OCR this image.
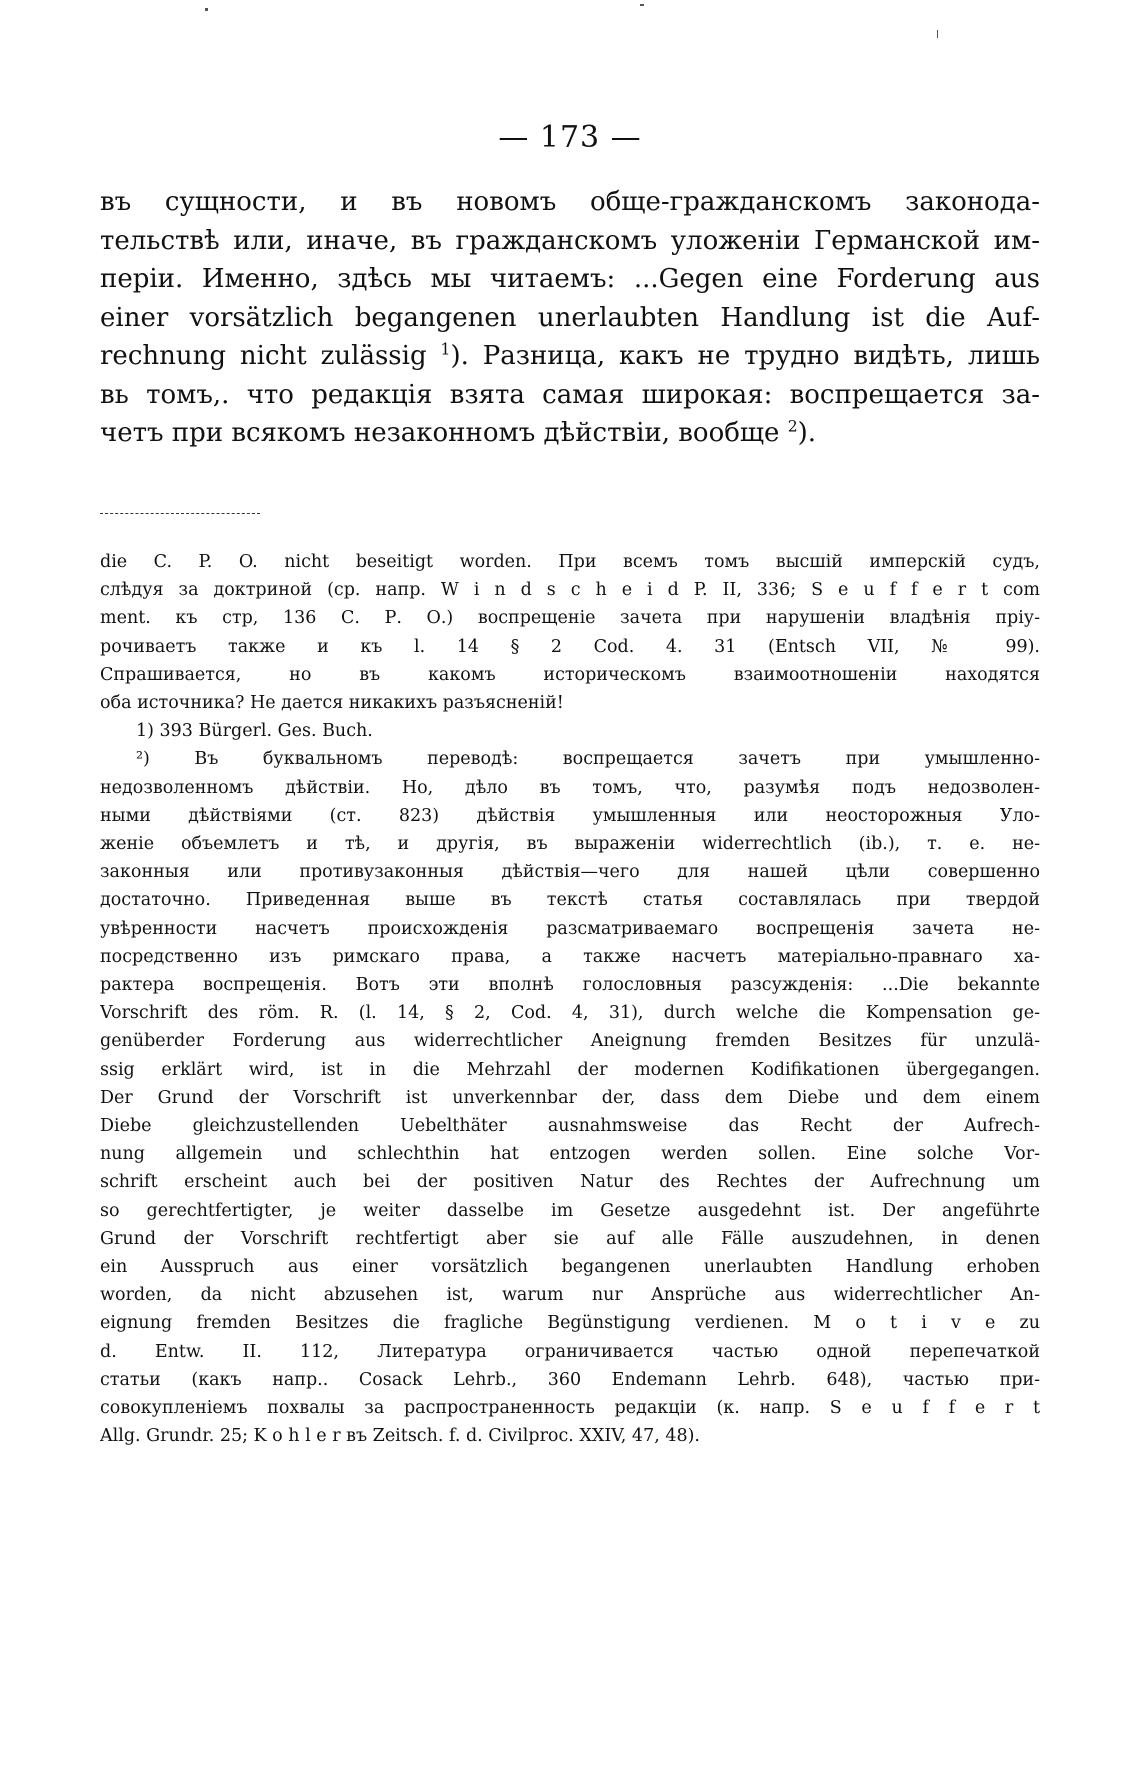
— 173 —
въ сущности, и въ новомъ обще-гражданскомъ законода-
тельствѣ или, иначе, въ гражданскомъ уложеніи Германской им-
періи. Именно, здѣсь мы читаемъ: ...Gegen eine Forderung aus
einer vorsätzlich begangenen unerlaubten Handlung ist die Auf-
rechnung nicht zulässig $^1$). Разница, какъ не трудно видѣть, лишь
вь томъ,. что редакція взята самая широкая: воспрещается за-
четъ при всякомъ незаконномъ дѣйствіи, вообще $^2$).
die C. P. O. nicht beseitigt worden. При всемъ томъ высшій имперскій судъ,
слѣдуя за доктриной (ср. напр. W i n d s c h e i d P. II, 336; S e u f f e r t com
ment. къ стр, 136 С. Р. О.) воспрещеніе зачета при нарушеніи владѣнія пріу-
рочиваетъ также и къ l. 14 § 2 Cod. 4. 31 (Entsch VII, № 99).
Спрашивается, но въ какомъ историческомъ взаимоотношеніи находятся
оба источника? Не дается никакихъ разъясненій!
1) 393 Bürgerl. Ges. Buch.
²) Въ буквальномъ переводѣ: воспрещается зачетъ при умышленно-
недозволенномъ дѣйствіи. Но, дѣло въ томъ, что, разумѣя подъ недозволен-
ными дѣйствіями (ст. 823) дѣйствія умышленныя или неосторожныя Уло-
женіе объемлетъ и тѣ, и другія, въ выраженіи widerrechtlich (ib.), т. е. не-
законныя или противузаконныя дѣйствія—чего для нашей цѣли совершенно
достаточно. Приведенная выше въ текстѣ статья составлялась при твердой
увѣренности насчетъ происхожденія разсматриваемаго воспрещенія зачета не-
посредственно изъ римскаго права, а также насчетъ матеріально-правнаго ха-
рактера воспрещенія. Вотъ эти вполнѣ голословныя разсужденія: ...Die bekannte
Vorschrift des röm. R. (l. 14, § 2, Cod. 4, 31), durch welche die Kompensation ge-
genüberder Forderung aus widerrechtlicher Aneignung fremden Besitzes für unzulä-
ssig erklärt wird, ist in die Mehrzahl der modernen Kodifikationen übergegangen.
Der Grund der Vorschrift ist unverkennbar der, dass dem Diebe und dem einem
Diebe gleichzustellenden Uebelthäter ausnahmsweise das Recht der Aufrech-
nung allgemein und schlechthin hat entzogen werden sollen. Eine solche Vor-
schrift erscheint auch bei der positiven Natur des Rechtes der Aufrechnung um
so gerechtfertigter, je weiter dasselbe im Gesetze ausgedehnt ist. Der angeführte
Grund der Vorschrift rechtfertigt aber sie auf alle Fälle auszudehnen, in denen
ein Ausspruch aus einer vorsätzlich begangenen unerlaubten Handlung erhoben
worden, da nicht abzusehen ist, warum nur Ansprüche aus widerrechtlicher An-
eignung fremden Besitzes die fragliche Begünstigung verdienen. M o t i v e zu
d. Entw. II. 112, Литература ограничивается частью одной перепечаткой
статьи (какъ напр.. Cosack Lehrb., 360 Endemann Lehrb. 648), частью при-
совокупленіемъ похвалы за распространенность редакціи (к. напр. S e u f f e r t
Allg. Grundr. 25; K o h l e r въ Zeitsch. f. d. Civilproc. XXIV, 47, 48).
